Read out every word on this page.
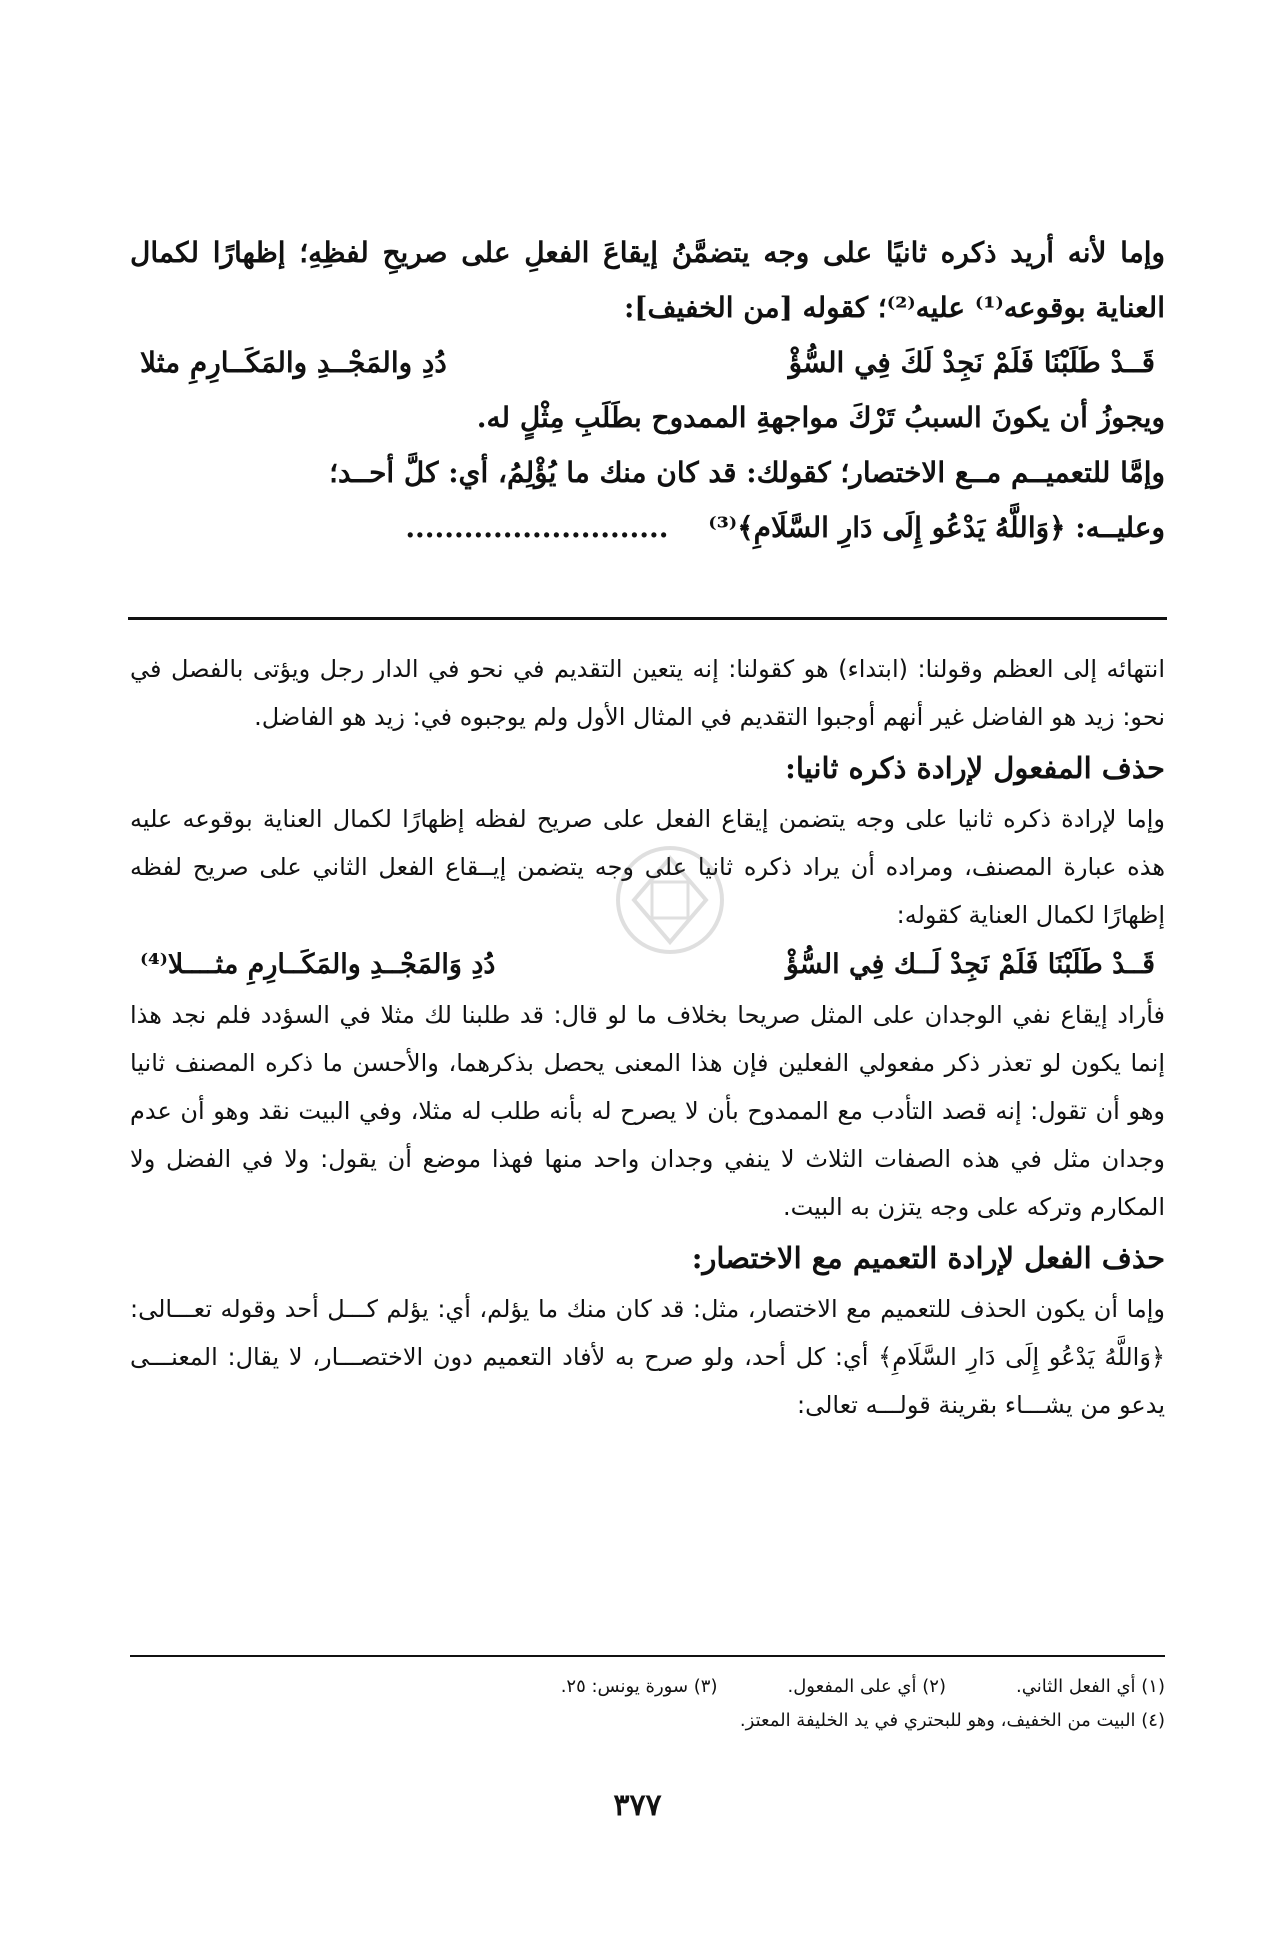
وإما لأنه أريد ذكره ثانيًا على وجه يتضمَّنُ إيقاعَ الفعلِ على صريحِ لفظِهِ؛ إظهارًا لكمال العناية بوقوعه⁽¹⁾ عليه⁽²⁾؛ كقوله [من الخفيف]:

قَــدْ طَلَبْنَا فَلَمْ نَجِدْ لَكَ فِي السُّؤْ
دُدِ والمَجْــدِ والمَكَــارِمِ مثلا

ويجوزُ أن يكونَ السببُ تَرْكَ مواجهةِ الممدوح بطَلَبِ مِثْلٍ له.

وإمَّا للتعميــم مــع الاختصار؛ كقولك: قد كان منك ما يُؤْلِمُ، أي: كلَّ أحــد؛

وعليــه: ﴿وَاللَّهُ يَدْعُو إِلَى دَارِ السَّلَامِ﴾⁽³⁾ ...........................

انتهائه إلى العظم وقولنا: (ابتداء) هو كقولنا: إنه يتعين التقديم في نحو في الدار رجل ويؤتى بالفصل في نحو: زيد هو الفاضل غير أنهم أوجبوا التقديم في المثال الأول ولم يوجبوه في: زيد هو الفاضل.

حذف المفعول لإرادة ذكره ثانيا:

وإما لإرادة ذكره ثانيا على وجه يتضمن إيقاع الفعل على صريح لفظه إظهارًا لكمال العناية بوقوعه عليه هذه عبارة المصنف، ومراده أن يراد ذكره ثانيا على وجه يتضمن إيــقاع الفعل الثاني على صريح لفظه إظهارًا لكمال العناية كقوله:

قَــدْ طَلَبْنَا فَلَمْ نَجِدْ لَــك فِي السُّؤْ
دُدِ وَالمَجْــدِ والمَكَــارِمِ مثــــلا⁽⁴⁾

فأراد إيقاع نفي الوجدان على المثل صريحا بخلاف ما لو قال: قد طلبنا لك مثلا في السؤدد فلم نجد هذا إنما يكون لو تعذر ذكر مفعولي الفعلين فإن هذا المعنى يحصل بذكرهما، والأحسن ما ذكره المصنف ثانيا وهو أن تقول: إنه قصد التأدب مع الممدوح بأن لا يصرح له بأنه طلب له مثلا، وفي البيت نقد وهو أن عدم وجدان مثل في هذه الصفات الثلاث لا ينفي وجدان واحد منها فهذا موضع أن يقول: ولا في الفضل ولا المكارم وتركه على وجه يتزن به البيت.

حذف الفعل لإرادة التعميم مع الاختصار:

وإما أن يكون الحذف للتعميم مع الاختصار، مثل: قد كان منك ما يؤلم، أي: يؤلم كـــل أحد وقوله تعـــالى: ﴿وَاللَّهُ يَدْعُو إِلَى دَارِ السَّلَامِ﴾ أي: كل أحد، ولو صرح به لأفاد التعميم دون الاختصـــار، لا يقال: المعنـــى يدعو من يشـــاء بقرينة قولـــه تعالى:

(١) أي الفعل الثاني.
(٢) أي على المفعول.
(٣) سورة يونس: ٢٥.
(٤) البيت من الخفيف، وهو للبحتري في يد الخليفة المعتز.
٣٧٧
